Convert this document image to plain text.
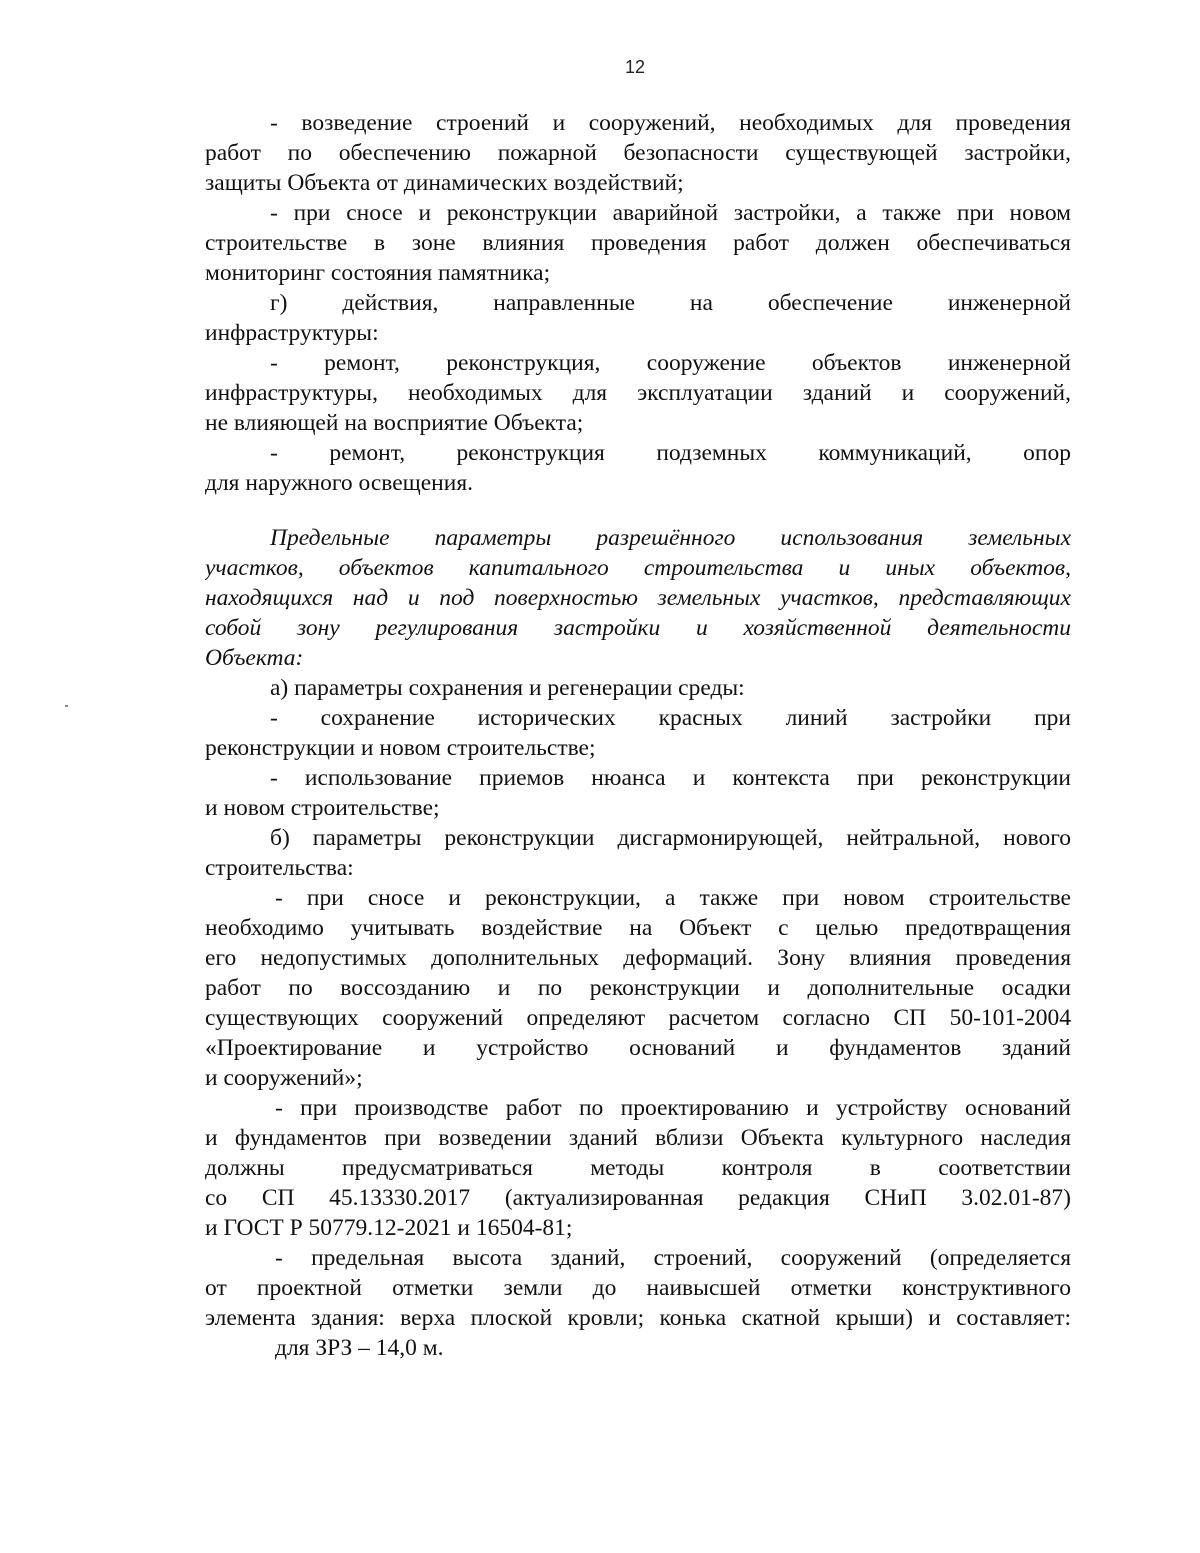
12
- возведение строений и сооружений, необходимых для проведения
работ по обеспечению пожарной безопасности существующей застройки,
защиты Объекта от динамических воздействий;
- при сносе и реконструкции аварийной застройки, а также при новом
строительстве в зоне влияния проведения работ должен обеспечиваться
мониторинг состояния памятника;
г) действия, направленные на обеспечение инженерной
инфраструктуры:
- ремонт, реконструкция, сооружение объектов инженерной
инфраструктуры, необходимых для эксплуатации зданий и сооружений,
не влияющей на восприятие Объекта;
- ремонт, реконструкция подземных коммуникаций, опор
для наружного освещения.
Предельные параметры разрешённого использования земельных
участков, объектов капитального строительства и иных объектов,
находящихся над и под поверхностью земельных участков, представляющих
собой зону регулирования застройки и хозяйственной деятельности
Объекта:
а) параметры сохранения и регенерации среды:
- сохранение исторических красных линий застройки при
реконструкции и новом строительстве;
- использование приемов нюанса и контекста при реконструкции
и новом строительстве;
б) параметры реконструкции дисгармонирующей, нейтральной, нового
строительства:
- при сносе и реконструкции, а также при новом строительстве
необходимо учитывать воздействие на Объект с целью предотвращения
его недопустимых дополнительных деформаций. Зону влияния проведения
работ по воссозданию и по реконструкции и дополнительные осадки
существующих сооружений определяют расчетом согласно СП 50-101-2004
«Проектирование и устройство оснований и фундаментов зданий
и сооружений»;
- при производстве работ по проектированию и устройству оснований
и фундаментов при возведении зданий вблизи Объекта культурного наследия
должны предусматриваться методы контроля в соответствии
со СП 45.13330.2017 (актуализированная редакция СНиП 3.02.01-87)
и ГОСТ Р 50779.12-2021 и 16504-81;
- предельная высота зданий, строений, сооружений (определяется
от проектной отметки земли до наивысшей отметки конструктивного
элемента здания: верха плоской кровли; конька скатной крыши) и составляет:
для ЗРЗ – 14,0 м.
